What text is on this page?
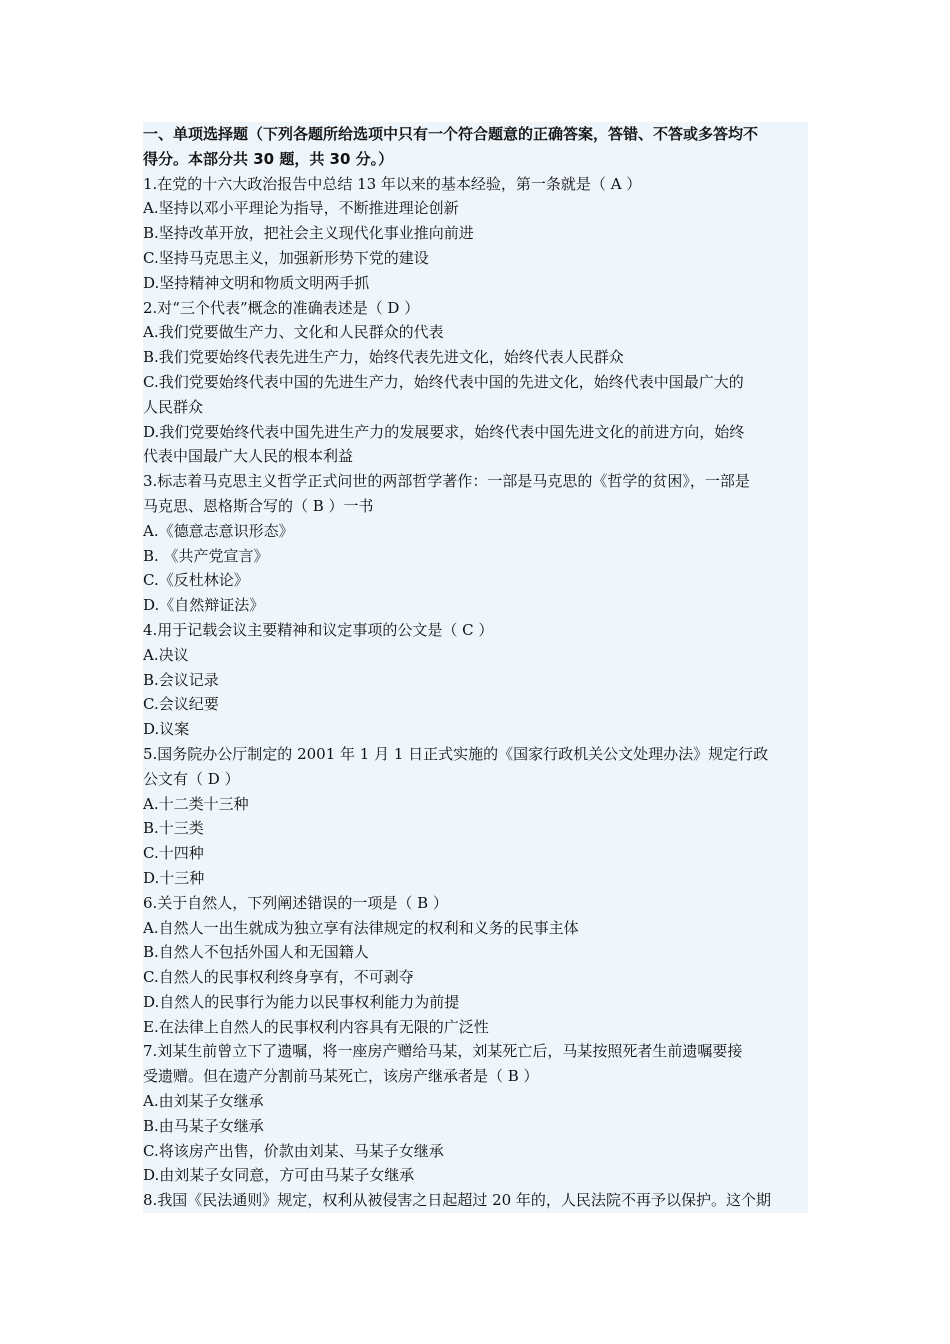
一、单项选择题（下列各题所给选项中只有一个符合题意的正确答案，答错、不答或多答均不
得分。本部分共 30 题，共 30 分。）
1.在党的十六大政治报告中总结 13 年以来的基本经验，第一条就是（ A ）
A.坚持以邓小平理论为指导，不断推进理论创新
B.坚持改革开放，把社会主义现代化事业推向前进
C.坚持马克思主义，加强新形势下党的建设
D.坚持精神文明和物质文明两手抓
2.对“三个代表”概念的准确表述是（ D ）
A.我们党要做生产力、文化和人民群众的代表
B.我们党要始终代表先进生产力，始终代表先进文化，始终代表人民群众
C.我们党要始终代表中国的先进生产力，始终代表中国的先进文化，始终代表中国最广大的
人民群众
D.我们党要始终代表中国先进生产力的发展要求，始终代表中国先进文化的前进方向，始终
代表中国最广大人民的根本利益
3.标志着马克思主义哲学正式问世的两部哲学著作：一部是马克思的《哲学的贫困》，一部是
马克思、恩格斯合写的（ B ）一书
A.《德意志意识形态》
B. 《共产党宣言》
C.《反杜林论》
D.《自然辩证法》
4.用于记载会议主要精神和议定事项的公文是（ C ）
A.决议
B.会议记录
C.会议纪要
D.议案
5.国务院办公厅制定的 2001 年 1 月 1 日正式实施的《国家行政机关公文处理办法》规定行政
公文有（ D ）
A.十二类十三种
B.十三类
C.十四种
D.十三种
6.关于自然人，下列阐述错误的一项是（ B ）
A.自然人一出生就成为独立享有法律规定的权利和义务的民事主体
B.自然人不包括外国人和无国籍人
C.自然人的民事权利终身享有，不可剥夺
D.自然人的民事行为能力以民事权利能力为前提
E.在法律上自然人的民事权利内容具有无限的广泛性
7.刘某生前曾立下了遗嘱，将一座房产赠给马某，刘某死亡后，马某按照死者生前遗嘱要接
受遗赠。但在遗产分割前马某死亡，该房产继承者是（ B ）
A.由刘某子女继承
B.由马某子女继承
C.将该房产出售，价款由刘某、马某子女继承
D.由刘某子女同意，方可由马某子女继承
8.我国《民法通则》规定，权利从被侵害之日起超过 20 年的，人民法院不再予以保护。这个期
